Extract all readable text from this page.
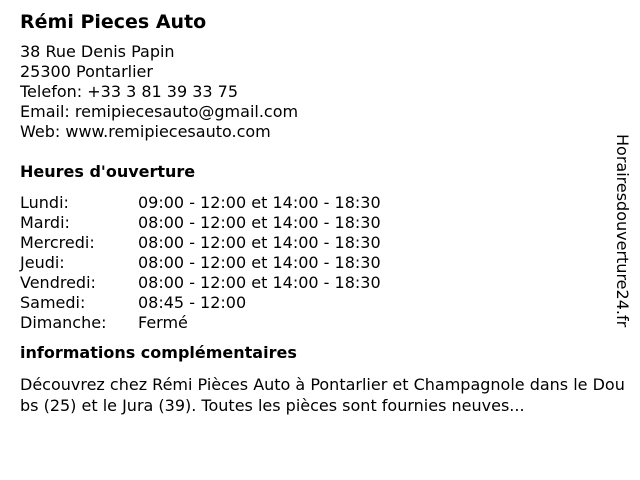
Rémi Pieces Auto
38 Rue Denis Papin
25300 Pontarlier
Telefon: +33 3 81 39 33 75
Email: remipiecesauto@gmail.com
Web: www.remipiecesauto.com
Heures d'ouverture
Lundi:	09:00 - 12:00 et 14:00 - 18:30
Mardi:	08:00 - 12:00 et 14:00 - 18:30
Mercredi:	08:00 - 12:00 et 14:00 - 18:30
Jeudi:	08:00 - 12:00 et 14:00 - 18:30
Vendredi:	08:00 - 12:00 et 14:00 - 18:30
Samedi:	08:45 - 12:00
Dimanche:	Fermé
informations complémentaires
Découvrez chez Rémi Pièces Auto à Pontarlier et Champagnole dans le Doubs (25) et le Jura (39). Toutes les pièces sont fournies neuves...
Horairesdouverture24.fr
